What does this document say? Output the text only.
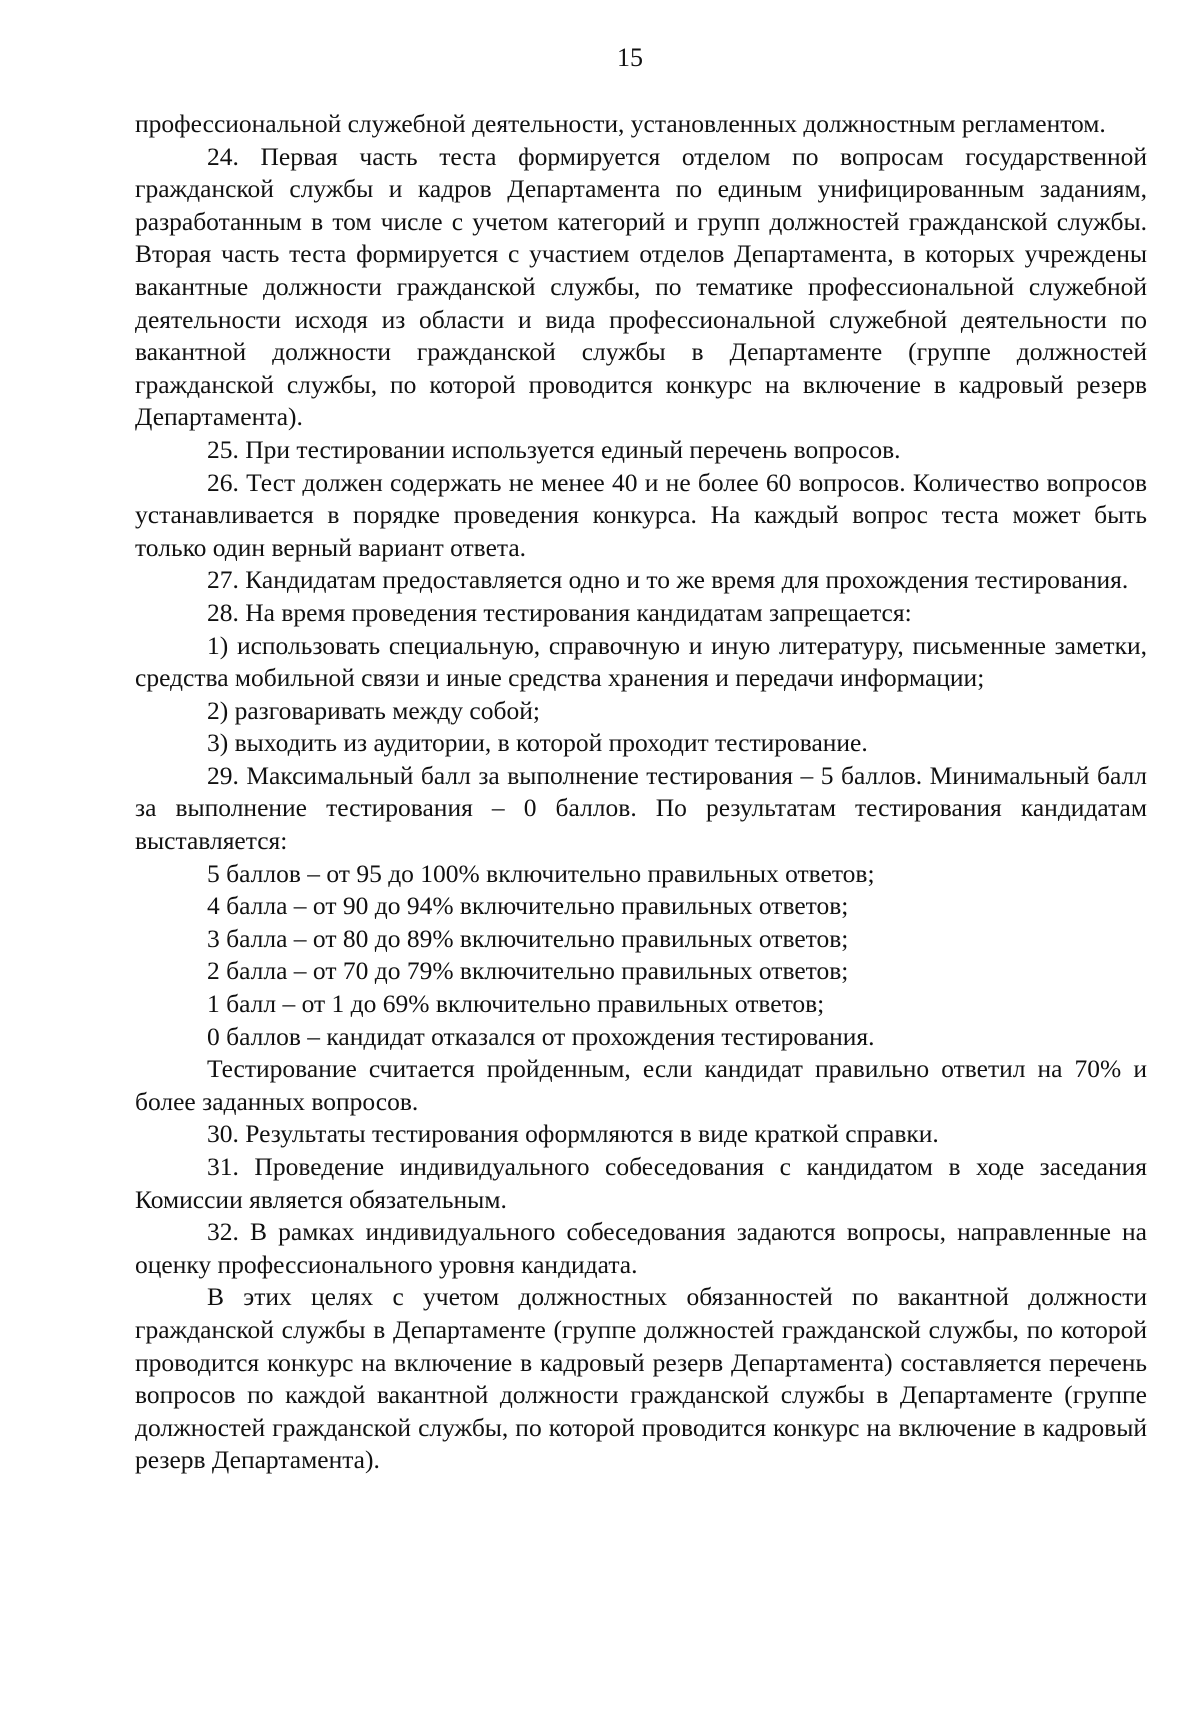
15

профессиональной служебной деятельности, установленных должностным регламентом.

24. Первая часть теста формируется отделом по вопросам государственной гражданской службы и кадров Департамента по единым унифицированным заданиям, разработанным в том числе с учетом категорий и групп должностей гражданской службы. Вторая часть теста формируется с участием отделов Департамента, в которых учреждены вакантные должности гражданской службы, по тематике профессиональной служебной деятельности исходя из области и вида профессиональной служебной деятельности по вакантной должности гражданской службы в Департаменте (группе должностей гражданской службы, по которой проводится конкурс на включение в кадровый резерв Департамента).

25. При тестировании используется единый перечень вопросов.

26. Тест должен содержать не менее 40 и не более 60 вопросов. Количество вопросов устанавливается в порядке проведения конкурса. На каждый вопрос теста может быть только один верный вариант ответа.

27. Кандидатам предоставляется одно и то же время для прохождения тестирования.

28. На время проведения тестирования кандидатам запрещается:

1) использовать специальную, справочную и иную литературу, письменные заметки, средства мобильной связи и иные средства хранения и передачи информации;

2) разговаривать между собой;

3) выходить из аудитории, в которой проходит тестирование.

29. Максимальный балл за выполнение тестирования – 5 баллов. Минимальный балл за выполнение тестирования – 0 баллов. По результатам тестирования кандидатам выставляется:

5 баллов – от 95 до 100% включительно правильных ответов;

4 балла – от 90 до 94% включительно правильных ответов;

3 балла – от 80 до 89% включительно правильных ответов;

2 балла – от 70 до 79% включительно правильных ответов;

1 балл – от 1 до 69% включительно правильных ответов;

0 баллов – кандидат отказался от прохождения тестирования.

Тестирование считается пройденным, если кандидат правильно ответил на 70% и более заданных вопросов.

30. Результаты тестирования оформляются в виде краткой справки.

31. Проведение индивидуального собеседования с кандидатом в ходе заседания Комиссии является обязательным.

32. В рамках индивидуального собеседования задаются вопросы, направленные на оценку профессионального уровня кандидата.

В этих целях с учетом должностных обязанностей по вакантной должности гражданской службы в Департаменте (группе должностей гражданской службы, по которой проводится конкурс на включение в кадровый резерв Департамента) составляется перечень вопросов по каждой вакантной должности гражданской службы в Департаменте (группе должностей гражданской службы, по которой проводится конкурс на включение в кадровый резерв Департамента).
